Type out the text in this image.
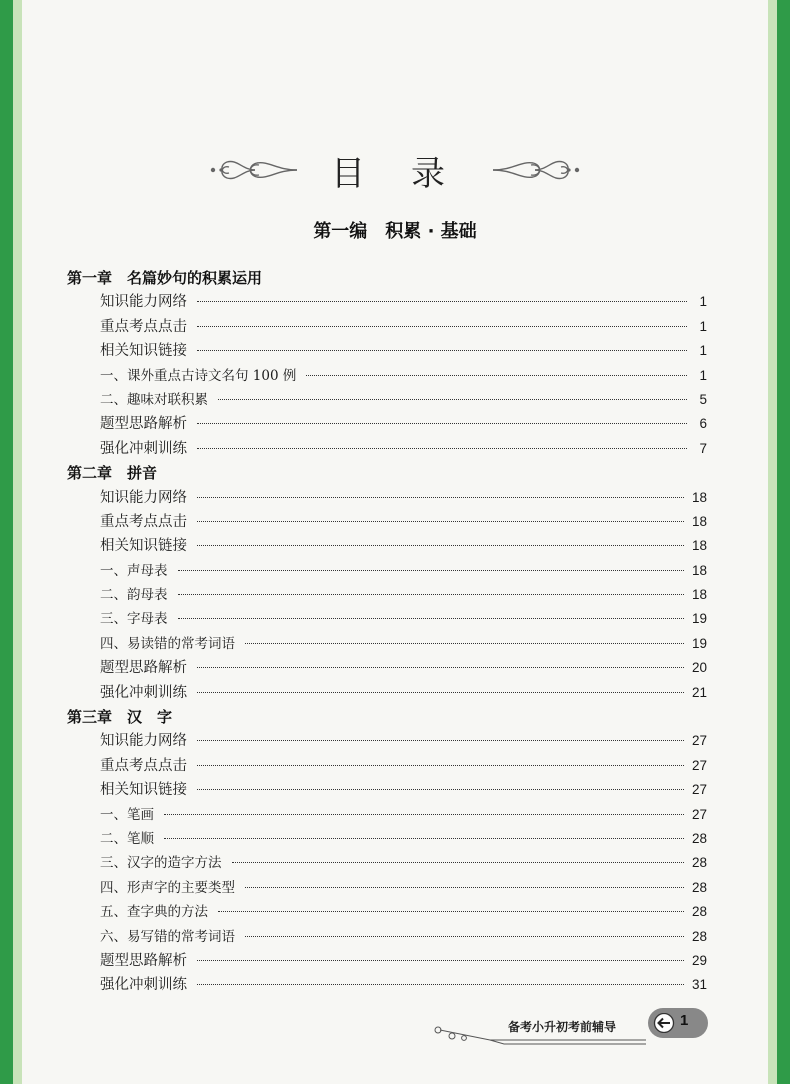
目录
第一编　积累 · 基础
第一章　名篇妙句的积累运用
知识能力网络	1
重点考点点击	1
相关知识链接	1
一、课外重点古诗文名句 100 例	1
二、趣味对联积累	5
题型思路解析	6
强化冲刺训练	7
第二章　拼音
知识能力网络	18
重点考点点击	18
相关知识链接	18
一、声母表	18
二、韵母表	18
三、字母表	19
四、易读错的常考词语	19
题型思路解析	20
强化冲刺训练	21
第三章　汉　字
知识能力网络	27
重点考点点击	27
相关知识链接	27
一、笔画	27
二、笔顺	28
三、汉字的造字方法	28
四、形声字的主要类型	28
五、查字典的方法	28
六、易写错的常考词语	28
题型思路解析	29
强化冲刺训练	31
备考小升初考前辅导	1
